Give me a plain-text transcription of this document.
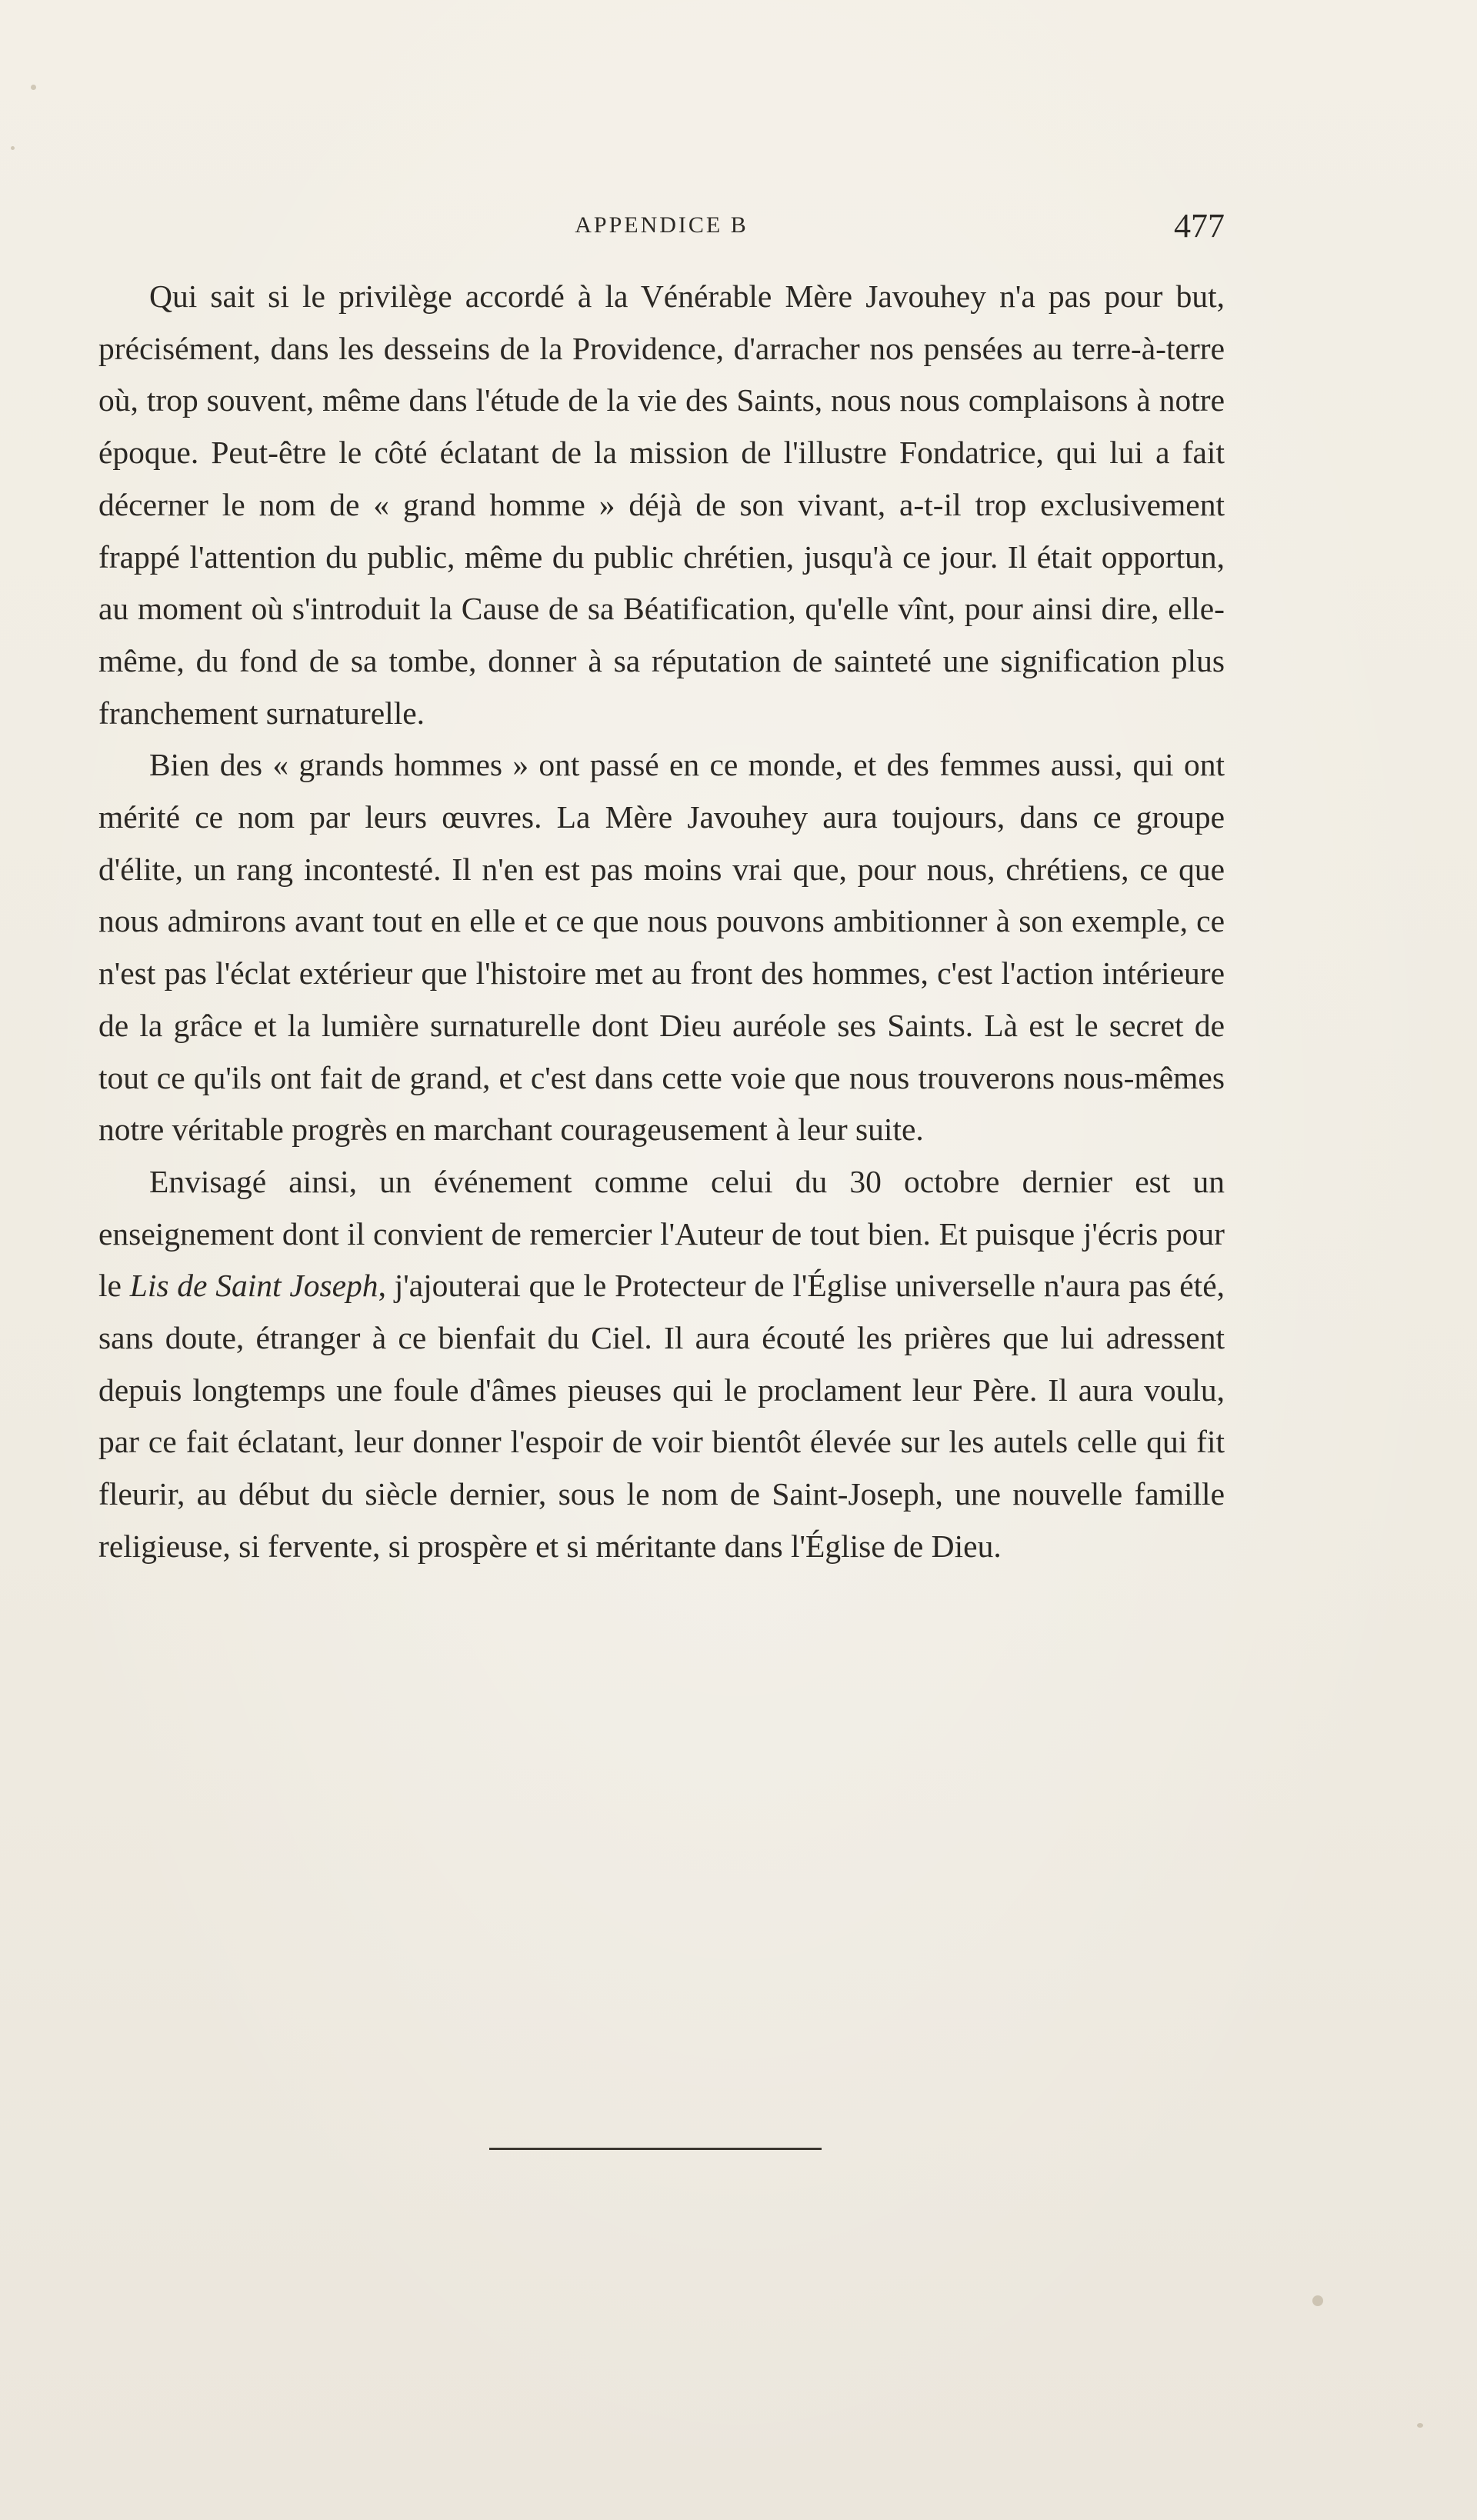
APPENDICE B	477

Qui sait si le privilège accordé à la Vénérable Mère Javouhey n'a pas pour but, précisément, dans les desseins de la Providence, d'arracher nos pensées au terre-à-terre où, trop souvent, même dans l'étude de la vie des Saints, nous nous complaisons à notre époque. Peut-être le côté éclatant de la mission de l'illustre Fondatrice, qui lui a fait décerner le nom de « grand homme » déjà de son vivant, a-t-il trop exclusivement frappé l'attention du public, même du public chrétien, jusqu'à ce jour. Il était opportun, au moment où s'introduit la Cause de sa Béatification, qu'elle vînt, pour ainsi dire, elle-même, du fond de sa tombe, donner à sa réputation de sainteté une signification plus franchement surnaturelle.

Bien des « grands hommes » ont passé en ce monde, et des femmes aussi, qui ont mérité ce nom par leurs œuvres. La Mère Javouhey aura toujours, dans ce groupe d'élite, un rang incontesté. Il n'en est pas moins vrai que, pour nous, chrétiens, ce que nous admirons avant tout en elle et ce que nous pouvons ambitionner à son exemple, ce n'est pas l'éclat extérieur que l'histoire met au front des hommes, c'est l'action intérieure de la grâce et la lumière surnaturelle dont Dieu auréole ses Saints. Là est le secret de tout ce qu'ils ont fait de grand, et c'est dans cette voie que nous trouverons nous-mêmes notre véritable progrès en marchant courageusement à leur suite.

Envisagé ainsi, un événement comme celui du 30 octobre dernier est un enseignement dont il convient de remercier l'Auteur de tout bien. Et puisque j'écris pour le Lis de Saint Joseph, j'ajouterai que le Protecteur de l'Église universelle n'aura pas été, sans doute, étranger à ce bienfait du Ciel. Il aura écouté les prières que lui adressent depuis longtemps une foule d'âmes pieuses qui le proclament leur Père. Il aura voulu, par ce fait éclatant, leur donner l'espoir de voir bientôt élevée sur les autels celle qui fit fleurir, au début du siècle dernier, sous le nom de Saint-Joseph, une nouvelle famille religieuse, si fervente, si prospère et si méritante dans l'Église de Dieu.
